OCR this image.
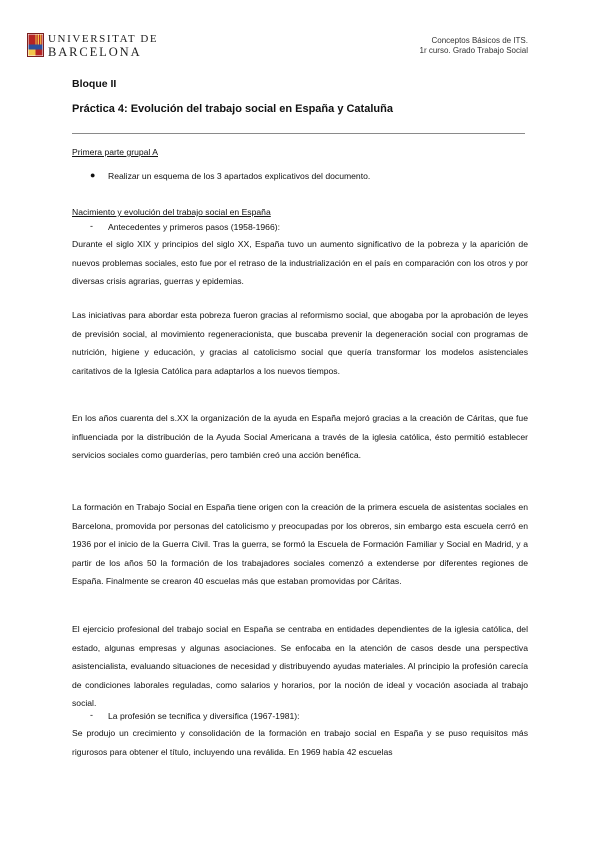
UNIVERSITAT DE
BARCELONA
Conceptos Básicos de ITS.
1r curso. Grado Trabajo Social
Bloque II
Práctica 4: Evolución del trabajo social en España y Cataluña
Primera parte grupal A
● Realizar un esquema de los 3 apartados explicativos del documento.
Nacimiento y evolución del trabajo social en España
- Antecedentes y primeros pasos (1958-1966):
Durante el siglo XIX y principios del siglo XX, España tuvo un aumento significativo de la pobreza y la aparición de nuevos problemas sociales, esto fue por el retraso de la industrialización en el país en comparación con los otros y por diversas crisis agrarias, guerras y epidemias.
Las iniciativas para abordar esta pobreza fueron gracias al reformismo social, que abogaba por la aprobación de leyes de previsión social, al movimiento regeneracionista, que buscaba prevenir la degeneración social con programas de nutrición, higiene y educación, y gracias al catolicismo social que quería transformar los modelos asistenciales caritativos de la Iglesia Católica para adaptarlos a los nuevos tiempos.
En los años cuarenta del s.XX la organización de la ayuda en España mejoró gracias a la creación de Cáritas, que fue influenciada por la distribución de la Ayuda Social Americana a través de la iglesia católica, ésto permitió establecer servicios sociales como guarderías, pero también creó una acción benéfica.
La formación en Trabajo Social en España tiene origen con la creación de la primera escuela de asistentas sociales en Barcelona, promovida por personas del catolicismo y preocupadas por los obreros, sin embargo esta escuela cerró en 1936 por el inicio de la Guerra Civil. Tras la guerra, se formó la Escuela de Formación Familiar y Social en Madrid, y a partir de los años 50 la formación de los trabajadores sociales comenzó a extenderse por diferentes regiones de España. Finalmente se crearon 40 escuelas más que estaban promovidas por Cáritas.
El ejercicio profesional del trabajo social en España se centraba en entidades dependientes de la iglesia católica, del estado, algunas empresas y algunas asociaciones. Se enfocaba en la atención de casos desde una perspectiva asistencialista, evaluando situaciones de necesidad y distribuyendo ayudas materiales. Al principio la profesión carecía de condiciones laborales reguladas, como salarios y horarios, por la noción de ideal y vocación asociada al trabajo social.
- La profesión se tecnifica y diversifica (1967-1981):
Se produjo un crecimiento y consolidación de la formación en trabajo social en España y se puso requisitos más rigurosos para obtener el título, incluyendo una reválida. En 1969 había 42 escuelas
